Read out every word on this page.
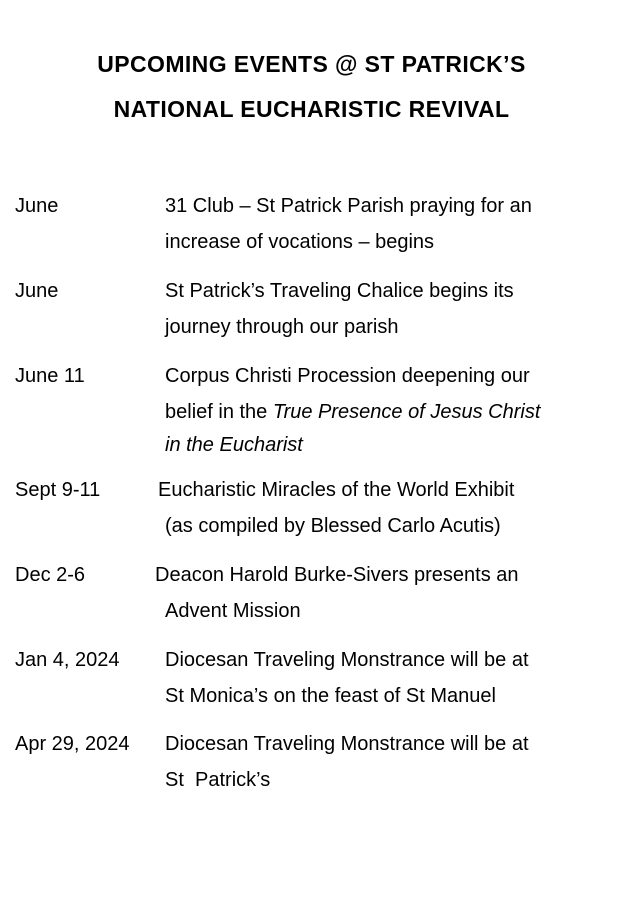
UPCOMING EVENTS @ ST PATRICK’S
NATIONAL EUCHARISTIC REVIVAL
June	31 Club – St Patrick Parish praying for an
increase of vocations – begins
June	St Patrick’s Traveling Chalice begins its
journey through our parish
June 11	Corpus Christi Procession deepening our
belief in the True Presence of Jesus Christ
in the Eucharist
Sept 9-11	Eucharistic Miracles of the World Exhibit
(as compiled by Blessed Carlo Acutis)
Dec 2-6	Deacon Harold Burke-Sivers presents an
Advent Mission
Jan 4, 2024 Diocesan Traveling Monstrance will be at
St Monica’s on the feast of St Manuel
Apr 29, 2024 Diocesan Traveling Monstrance will be at
St  Patrick’s
